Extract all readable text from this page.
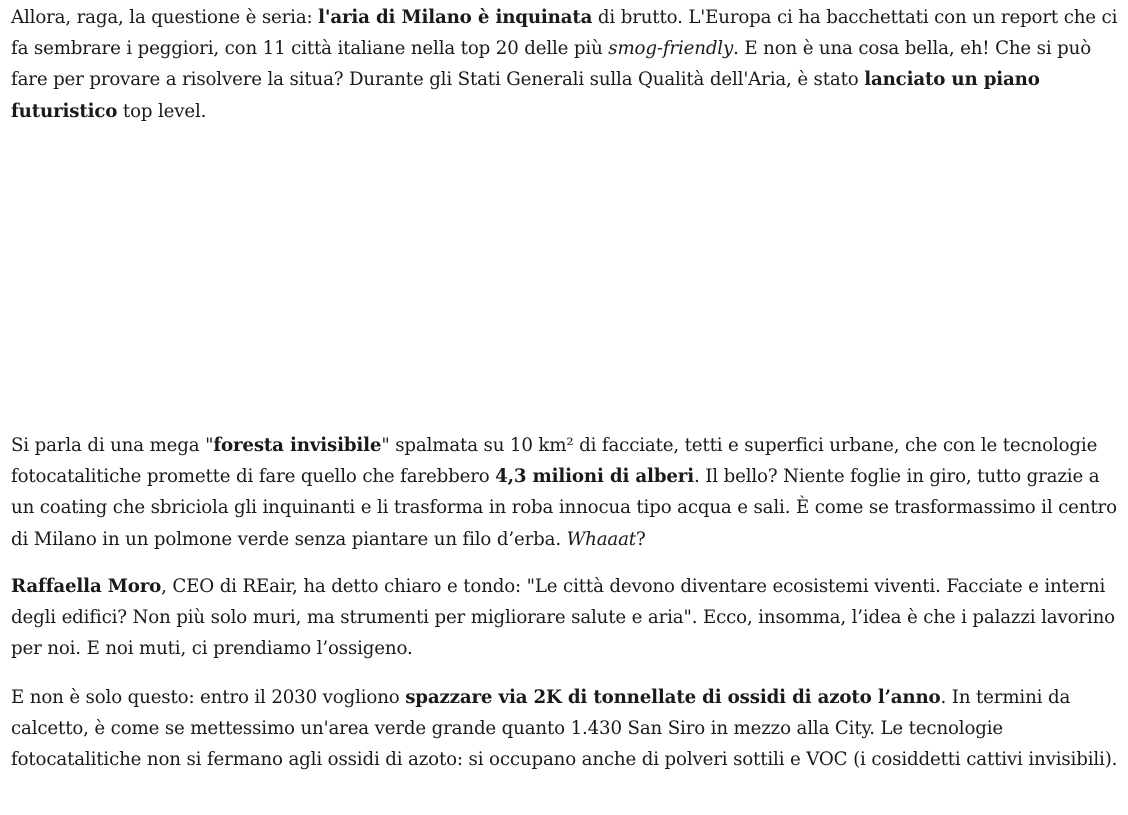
Allora, raga, la questione è seria: l'aria di Milano è inquinata di brutto. L'Europa ci ha bacchettati con un report che ci fa sembrare i peggiori, con 11 città italiane nella top 20 delle più smog-friendly. E non è una cosa bella, eh! Che si può fare per provare a risolvere la situa? Durante gli Stati Generali sulla Qualità dell'Aria, è stato lanciato un piano futuristico top level.

Si parla di una mega "foresta invisibile" spalmata su 10 km² di facciate, tetti e superfici urbane, che con le tecnologie fotocatalitiche promette di fare quello che farebbero 4,3 milioni di alberi. Il bello? Niente foglie in giro, tutto grazie a un coating che sbriciola gli inquinanti e li trasforma in roba innocua tipo acqua e sali. È come se trasformassimo il centro di Milano in un polmone verde senza piantare un filo d’erba. Whaaat?

Raffaella Moro, CEO di REair, ha detto chiaro e tondo: "Le città devono diventare ecosistemi viventi. Facciate e interni degli edifici? Non più solo muri, ma strumenti per migliorare salute e aria". Ecco, insomma, l’idea è che i palazzi lavorino per noi. E noi muti, ci prendiamo l’ossigeno.

E non è solo questo: entro il 2030 vogliono spazzare via 2K di tonnellate di ossidi di azoto l’anno. In termini da calcetto, è come se mettessimo un'area verde grande quanto 1.430 San Siro in mezzo alla City. Le tecnologie fotocatalitiche non si fermano agli ossidi di azoto: si occupano anche di polveri sottili e VOC (i cosiddetti cattivi invisibili).
